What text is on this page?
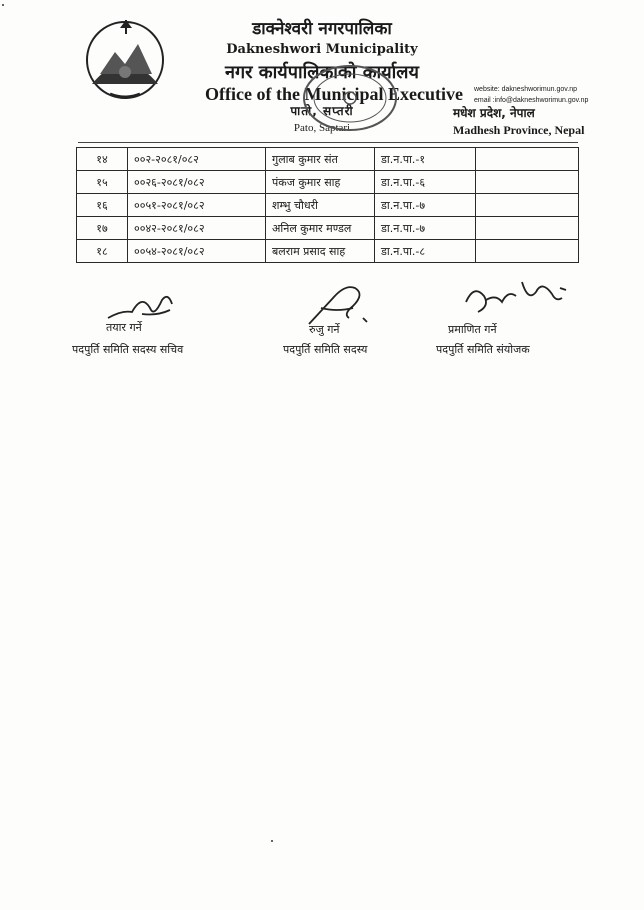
डाक्नेश्वरी नगरपालिका
Dakneshwori Municipality
नगर कार्यपालिकाको कार्यालय
Office of the Municipal Executive website: dakneshworimun.gov.np
email :info@dakneshworimun.gov.np
पातो, सप्तरी
Pato, Saptari
मधेश प्रदेश, नेपाल
Madhesh Province, Nepal
१४	००२-२०८१/०८२	गुलाब कुमार संत	डा.न.पा.-१	
१५	००२६-२०८१/०८२	पंकज कुमार साह	डा.न.पा.-६	
१६	००५१-२०८१/०८२	शम्भु चौधरी	डा.न.पा.-७	
१७	००४२-२०८१/०८२	अनिल कुमार मण्डल	डा.न.पा.-७	
१८	००५४-२०८१/०८२	बलराम प्रसाद साह	डा.न.पा.-८	
तयार गर्ने
पदपुर्ति समिति सदस्य सचिव
रुजु गर्ने
पदपुर्ति समिति सदस्य
प्रमाणित गर्ने
पदपुर्ति समिति संयोजक
